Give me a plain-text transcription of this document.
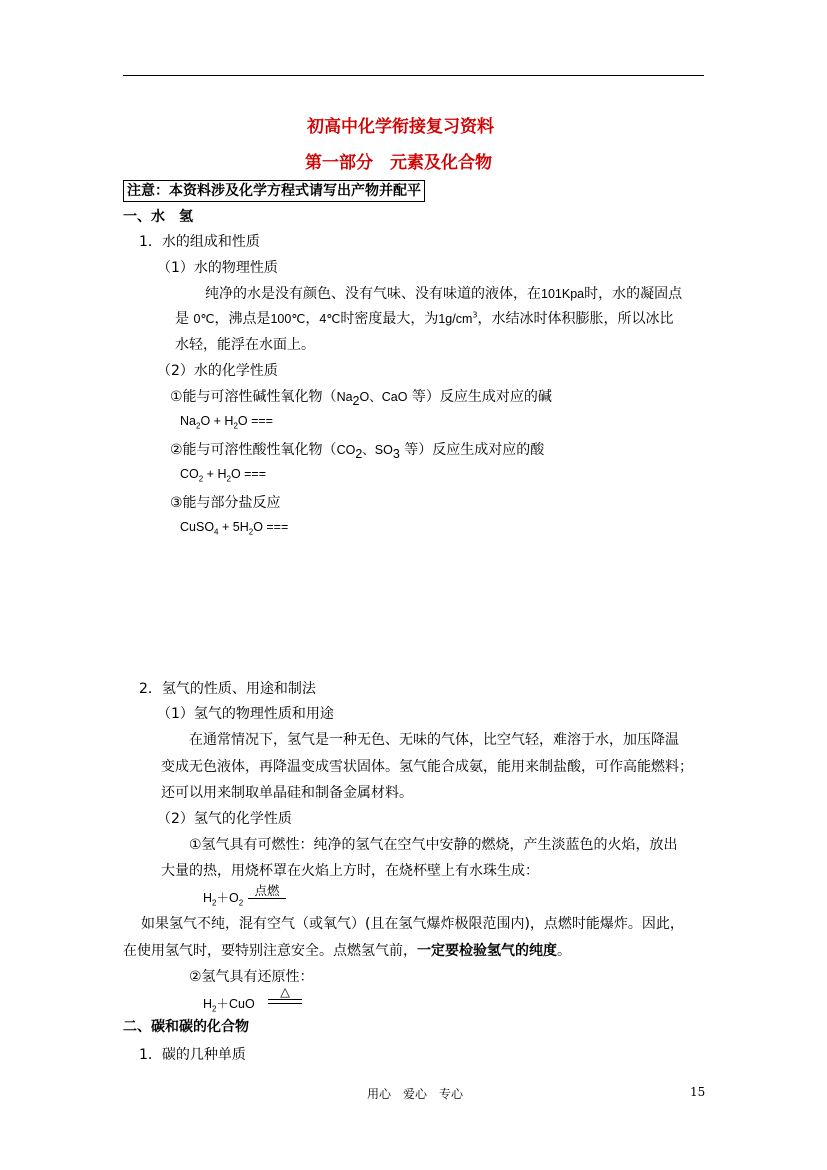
初高中化学衔接复习资料
第一部分　元素及化合物
注意：本资料涉及化学方程式请写出产物并配平
一、水　氢
1．水的组成和性质
（1）水的物理性质
纯净的水是没有颜色、没有气味、没有味道的液体，在101Kpa时，水的凝固点
是 0℃，沸点是100℃，4℃时密度最大，为$1g/cm^3$，水结冰时体积膨胀，所以冰比
水轻，能浮在水面上。
（2）水的化学性质
①能与可溶性碱性氧化物（$Na_2O$、CaO 等）反应生成对应的碱
$Na_2O + H_2O$ ===
②能与可溶性酸性氧化物（$CO_2$、$SO_3$ 等）反应生成对应的酸
$CO_2 + H_2O$ ===
③能与部分盐反应
CuSO$_4$ + $5H_2O$ ===
2．氢气的性质、用途和制法
（1）氢气的物理性质和用途
在通常情况下，氢气是一种无色、无味的气体，比空气轻，难溶于水，加压降温
变成无色液体，再降温变成雪状固体。氢气能合成氨，能用来制盐酸，可作高能燃料；
还可以用来制取单晶硅和制备金属材料。
（2）氢气的化学性质
①氢气具有可燃性：纯净的氢气在空气中安静的燃烧，产生淡蓝色的火焰，放出
大量的热，用烧杯罩在火焰上方时，在烧杯壁上有水珠生成：
$H_2+O_2$
点燃
如果氢气不纯，混有空气（或氧气）(且在氢气爆炸极限范围内)，点燃时能爆炸。因此，
在使用氢气时，要特别注意安全。点燃氢气前，一定要检验氢气的纯度。
②氢气具有还原性：
$H_2+CuO$
△
二、碳和碳的化合物
1．碳的几种单质
用心　爱心　专心	15
